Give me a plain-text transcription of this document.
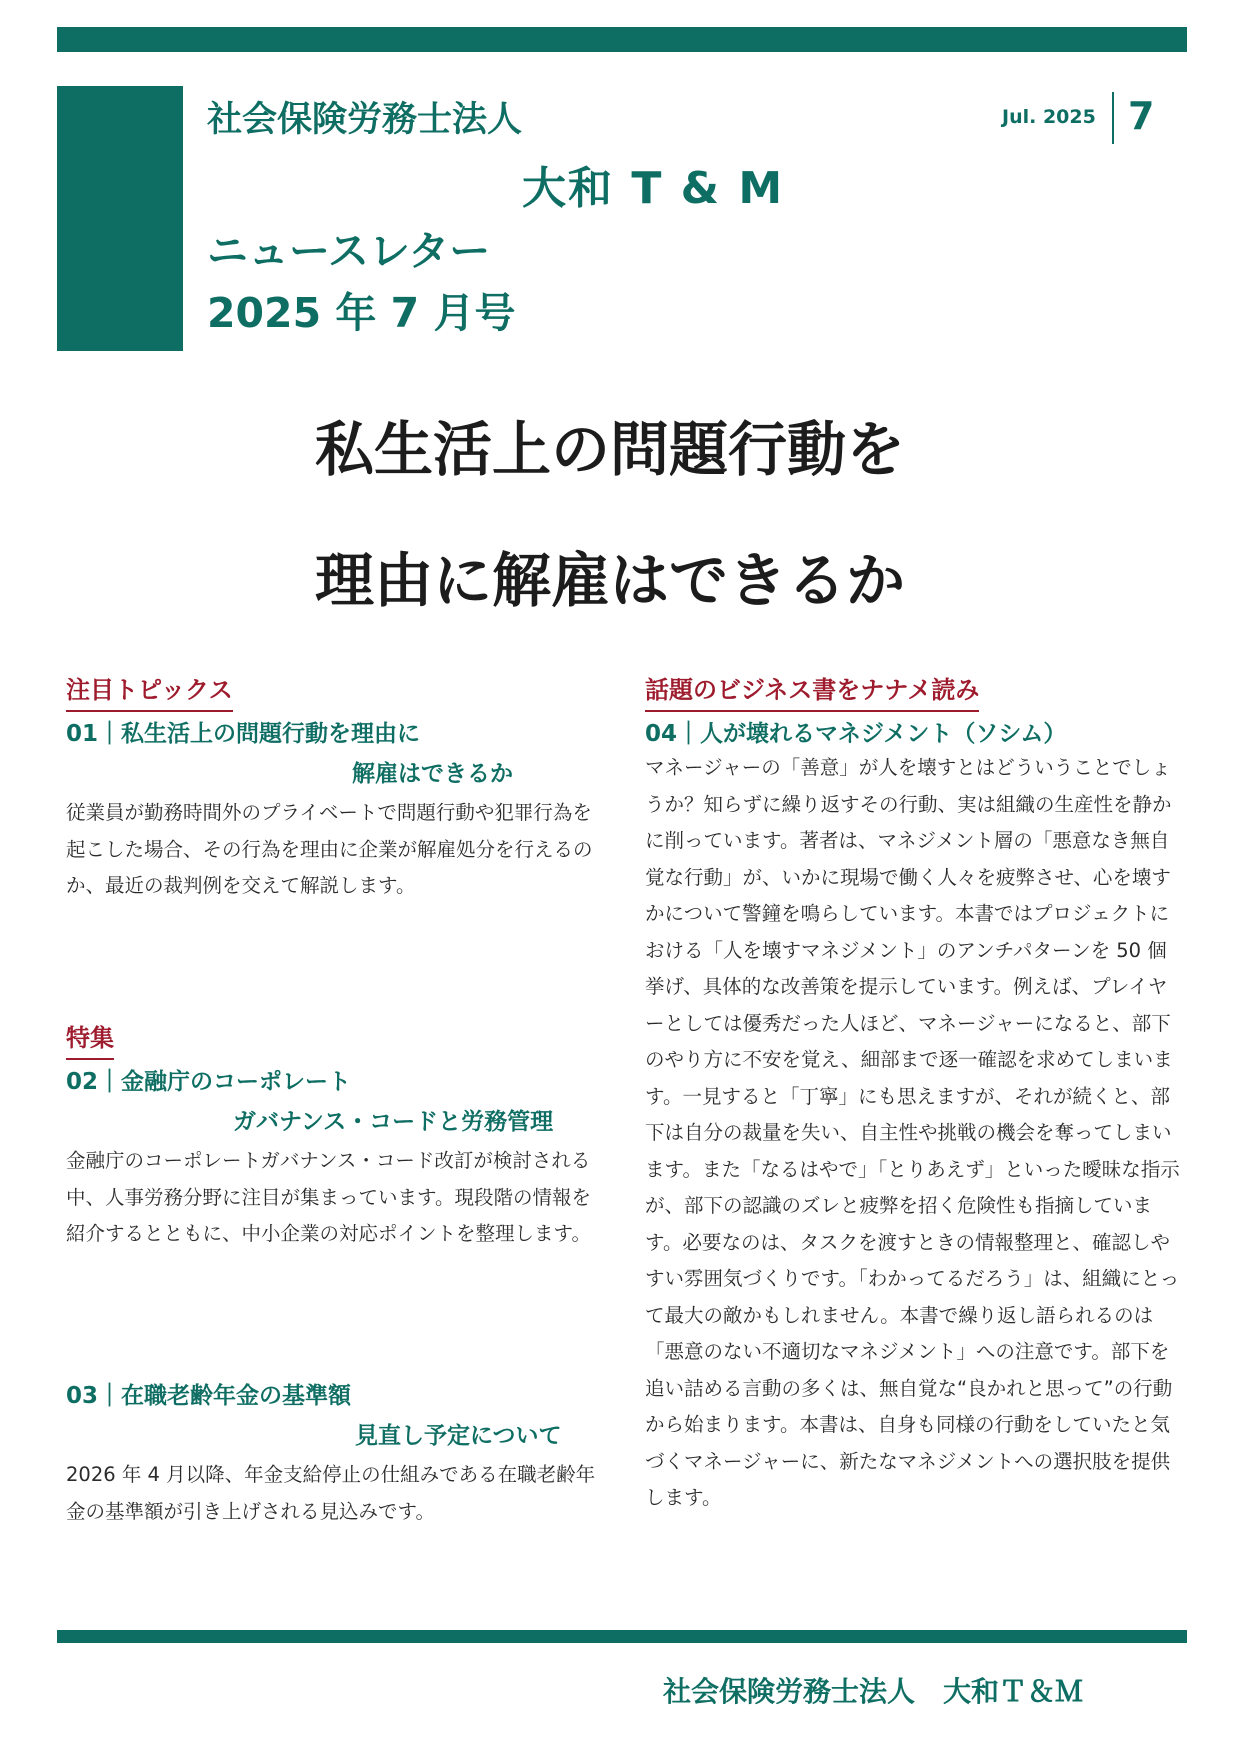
社会保険労務士法人
大和 T & M
ニュースレター
2025 年 7 月号
Jul. 2025 7
私生活上の問題行動を
理由に解雇はできるか
注目トピックス
01｜私生活上の問題行動を理由に
解雇はできるか
従業員が勤務時間外のプライベートで問題行動や犯罪行為を起こした場合、その行為を理由に企業が解雇処分を行えるのか、最近の裁判例を交えて解説します。
特集
02｜金融庁のコーポレート
ガバナンス・コードと労務管理
金融庁のコーポレートガバナンス・コード改訂が検討される中、人事労務分野に注目が集まっています。現段階の情報を紹介するとともに、中小企業の対応ポイントを整理します。
03｜在職老齢年金の基準額
見直し予定について
2026 年 4 月以降、年金支給停止の仕組みである在職老齢年金の基準額が引き上げされる見込みです。
話題のビジネス書をナナメ読み
04｜人が壊れるマネジメント（ソシム）
マネージャーの「善意」が人を壊すとはどういうことでしょうか？知らずに繰り返すその行動、実は組織の生産性を静かに削っています。著者は、マネジメント層の「悪意なき無自覚な行動」が、いかに現場で働く人々を疲弊させ、心を壊すかについて警鐘を鳴らしています。本書ではプロジェクトにおける「人を壊すマネジメント」のアンチパターンを 50 個挙げ、具体的な改善策を提示しています。例えば、プレイヤーとしては優秀だった人ほど、マネージャーになると、部下のやり方に不安を覚え、細部まで逐一確認を求めてしまいます。一見すると「丁寧」にも思えますが、それが続くと、部下は自分の裁量を失い、自主性や挑戦の機会を奪ってしまいます。また「なるはやで」「とりあえず」といった曖昧な指示が、部下の認識のズレと疲弊を招く危険性も指摘しています。必要なのは、タスクを渡すときの情報整理と、確認しやすい雰囲気づくりです。「わかってるだろう」は、組織にとって最大の敵かもしれません。本書で繰り返し語られるのは「悪意のない不適切なマネジメント」への注意です。部下を追い詰める言動の多くは、無自覚な“良かれと思って”の行動から始まります。本書は、自身も同様の行動をしていたと気づくマネージャーに、新たなマネジメントへの選択肢を提供します。
社会保険労務士法人　大和Ｔ＆Ｍ
